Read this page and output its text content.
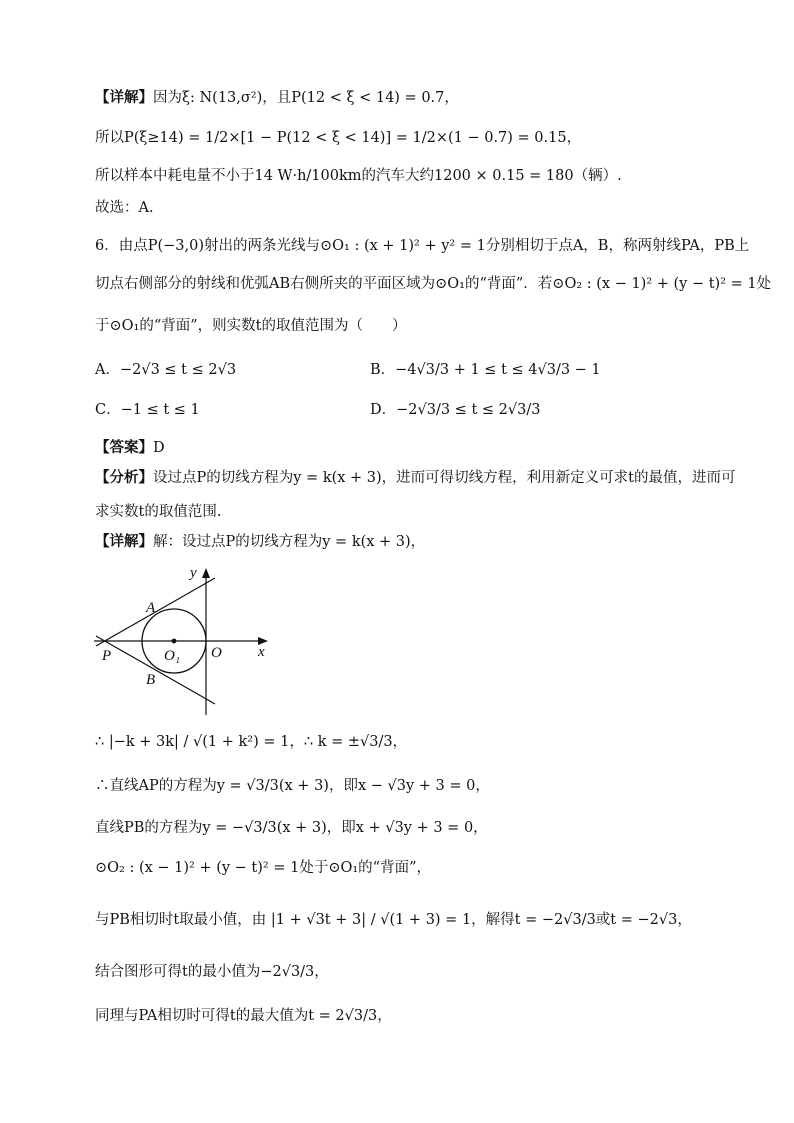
【详解】因为ξ: N(13,σ²)，且P(12 < ξ < 14) = 0.7，
所以P(ξ≥14) = 1/2×[1 − P(12 < ξ < 14)] = 1/2×(1 − 0.7) = 0.15，
所以样本中耗电量不小于14 W·h/100km的汽车大约1200 × 0.15 = 180（辆）.
故选：A.
6．由点P(−3,0)射出的两条光线与⊙O₁ : (x + 1)² + y² = 1分别相切于点A，B，称两射线PA，PB上
切点右侧部分的射线和优弧AB右侧所夹的平面区域为⊙O₁的“背面”．若⊙O₂ : (x − 1)² + (y − t)² = 1处
于⊙O₁的“背面”，则实数t的取值范围为（　　）
A．−2√3 ≤ t ≤ 2√3	B．−4√3/3 + 1 ≤ t ≤ 4√3/3 − 1
C．−1 ≤ t ≤ 1	D．−2√3/3 ≤ t ≤ 2√3/3
【答案】D
【分析】设过点P的切线方程为y = k(x + 3)，进而可得切线方程，利用新定义可求t的最值，进而可
求实数t的取值范围.
【详解】解：设过点P的切线方程为y = k(x + 3)，
y
x
A
B
P	O₁ O
∴ |−k + 3k| / √(1 + k²) = 1，∴ k = ±√3/3，
∴直线AP的方程为y = √3/3(x + 3)，即x − √3y + 3 = 0，
直线PB的方程为y = −√3/3(x + 3)，即x + √3y + 3 = 0，
⊙O₂ : (x − 1)² + (y − t)² = 1处于⊙O₁的“背面”，
与PB相切时t取最小值，由 |1 + √3t + 3| / √(1 + 3) = 1，解得t = −2√3/3或t = −2√3，
结合图形可得t的最小值为−2√3/3，
同理与PA相切时可得t的最大值为t = 2√3/3，
